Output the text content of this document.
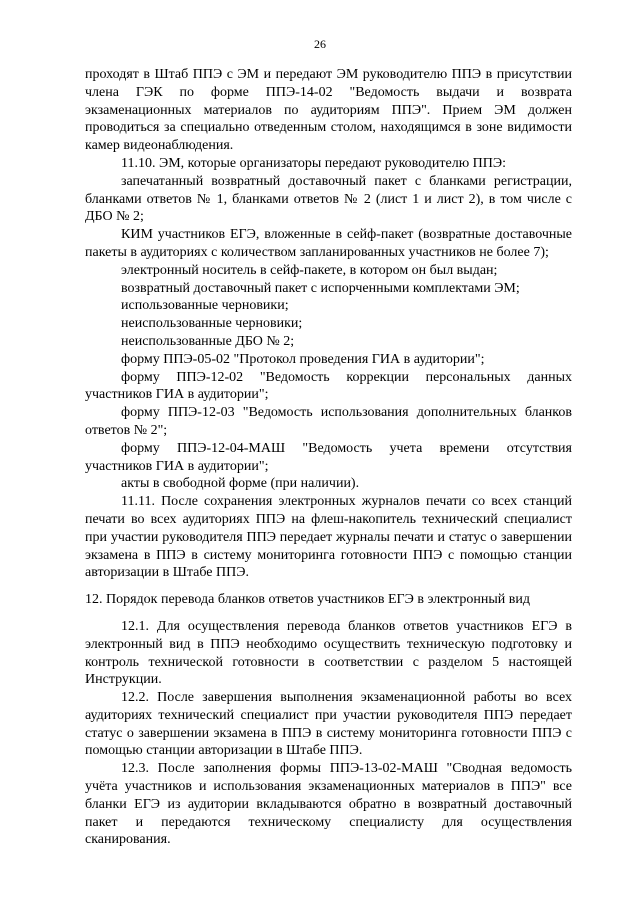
26

проходят в Штаб ППЭ с ЭМ и передают ЭМ руководителю ППЭ в присутствии члена ГЭК по форме ППЭ-14-02 "Ведомость выдачи и возврата экзаменационных материалов по аудиториям ППЭ". Прием ЭМ должен проводиться за специально отведенным столом, находящимся в зоне видимости камер видеонаблюдения.

11.10. ЭМ, которые организаторы передают руководителю ППЭ:

запечатанный возвратный доставочный пакет с бланками регистрации, бланками ответов № 1, бланками ответов № 2 (лист 1 и лист 2), в том числе с ДБО № 2;

КИМ участников ЕГЭ, вложенные в сейф-пакет (возвратные доставочные пакеты в аудиториях с количеством запланированных участников не более 7);

электронный носитель в сейф-пакете, в котором он был выдан;

возвратный доставочный пакет с испорченными комплектами ЭМ;

использованные черновики;

неиспользованные черновики;

неиспользованные ДБО № 2;

форму ППЭ-05-02 "Протокол проведения ГИА в аудитории";

форму ППЭ-12-02 "Ведомость коррекции персональных данных участников ГИА в аудитории";

форму ППЭ-12-03 "Ведомость использования дополнительных бланков ответов № 2";

форму ППЭ-12-04-МАШ "Ведомость учета времени отсутствия участников ГИА в аудитории";

акты в свободной форме (при наличии).

11.11. После сохранения электронных журналов печати со всех станций печати во всех аудиториях ППЭ на флеш-накопитель технический специалист при участии руководителя ППЭ передает журналы печати и статус о завершении экзамена в ППЭ в систему мониторинга готовности ППЭ с помощью станции авторизации в Штабе ППЭ.

12. Порядок перевода бланков ответов участников ЕГЭ в электронный вид

12.1. Для осуществления перевода бланков ответов участников ЕГЭ в электронный вид в ППЭ необходимо осуществить техническую подготовку и контроль технической готовности в соответствии с разделом 5 настоящей Инструкции.

12.2. После завершения выполнения экзаменационной работы во всех аудиториях технический специалист при участии руководителя ППЭ передает статус о завершении экзамена в ППЭ в систему мониторинга готовности ППЭ с помощью станции авторизации в Штабе ППЭ.

12.3. После заполнения формы ППЭ-13-02-МАШ "Сводная ведомость учёта участников и использования экзаменационных материалов в ППЭ" все бланки ЕГЭ из аудитории вкладываются обратно в возвратный доставочный пакет и передаются техническому специалисту для осуществления сканирования.
